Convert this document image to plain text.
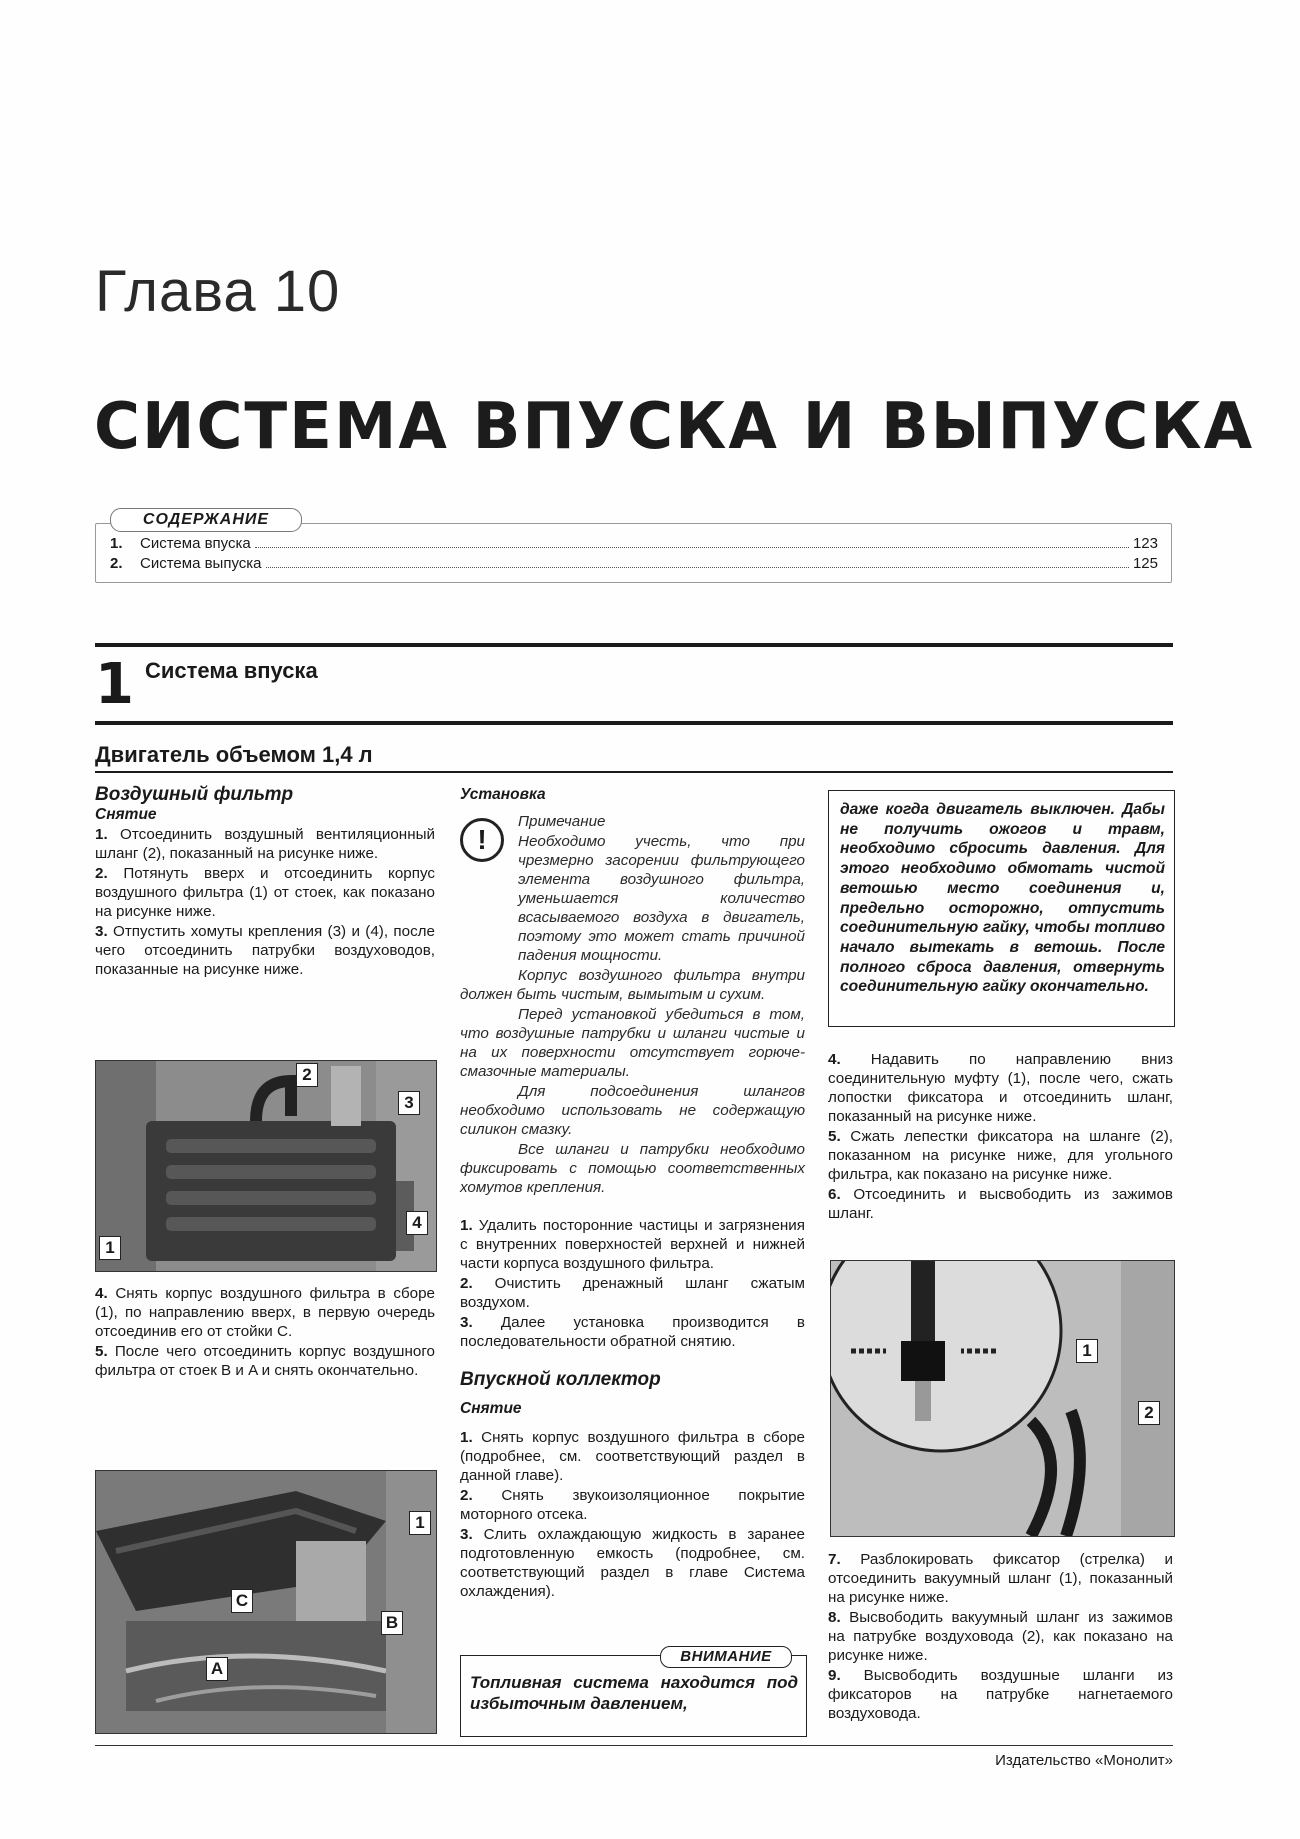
Глава 10
СИСТЕМА ВПУСКА И ВЫПУСКА
СОДЕРЖАНИЕ
1.	Система впуска	123
2.	Система выпуска	125
1 Система впуска
Двигатель объемом 1,4 л

Воздушный фильтр

Снятие

1. Отсоединить воздушный вентиляционный шланг (2), показанный на рисунке ниже.

2. Потянуть вверх и отсоединить корпус воздушного фильтра (1) от стоек, как показано на рисунке ниже.

3. Отпустить хомуты крепления (3) и (4), после чего отсоединить патрубки воздуховодов, показанные на рисунке ниже.

2
3
4
1

4. Снять корпус воздушного фильтра в сборе (1), по направлению вверх, в первую очередь отсоединив его от стойки C.

5. После чего отсоединить корпус воздушного фильтра от стоек B и A и снять окончательно.

1
C
B
A

Установка

!

Примечание

Необходимо учесть, что при чрезмерно засорении фильтрующего элемента воздушного фильтра, уменьшается количество всасываемого воздуха в двигатель, поэтому это может стать причиной падения мощности.

Корпус воздушного фильтра внутри должен быть чистым, вымытым и сухим.

Перед установкой убедиться в том, что воздушные патрубки и шланги чистые и на их поверхности отсутствует горюче-смазочные материалы.

Для подсоединения шлангов необходимо использовать не содержащую силикон смазку.

Все шланги и патрубки необходимо фиксировать с помощью соответственных хомутов крепления.

1. Удалить посторонние частицы и загрязнения с внутренних поверхностей верхней и нижней части корпуса воздушного фильтра.

2. Очистить дренажный шланг сжатым воздухом.

3. Далее установка производится в последовательности обратной снятию.

Впускной коллектор

Снятие

1. Снять корпус воздушного фильтра в сборе (подробнее, см. соответствующий раздел в данной главе).

2. Снять звукоизоляционное покрытие моторного отсека.

3. Слить охлаждающую жидкость в заранее подготовленную емкость (подробнее, см. соответствующий раздел в главе Система охлаждения).

ВНИМАНИЕ
Топливная система находится под избыточным давлением,
даже когда двигатель выключен. Дабы не получить ожогов и травм, необходимо сбросить давления. Для этого необходимо обмотать чистой ветошью место соединения и, предельно осторожно, отпустить соединительную гайку, чтобы топливо начало вытекать в ветошь. После полного сброса давления, отвернуть соединительную гайку окончательно.

4. Надавить по направлению вниз соединительную муфту (1), после чего, сжать лопостки фиксатора и отсоединить шланг, показанный на рисунке ниже.

5. Сжать лепестки фиксатора на шланге (2), показанном на рисунке ниже, для угольного фильтра, как показано на рисунке ниже.

6. Отсоединить и высвободить из зажимов шланг.

1
2

7. Разблокировать фиксатор (стрелка) и отсоединить вакуумный шланг (1), показанный на рисунке ниже.

8. Высвободить вакуумный шланг из зажимов на патрубке воздуховода (2), как показано на рисунке ниже.

9. Высвободить воздушные шланги из фиксаторов на патрубке нагнетаемого воздуховода.

Издательство «Монолит»
